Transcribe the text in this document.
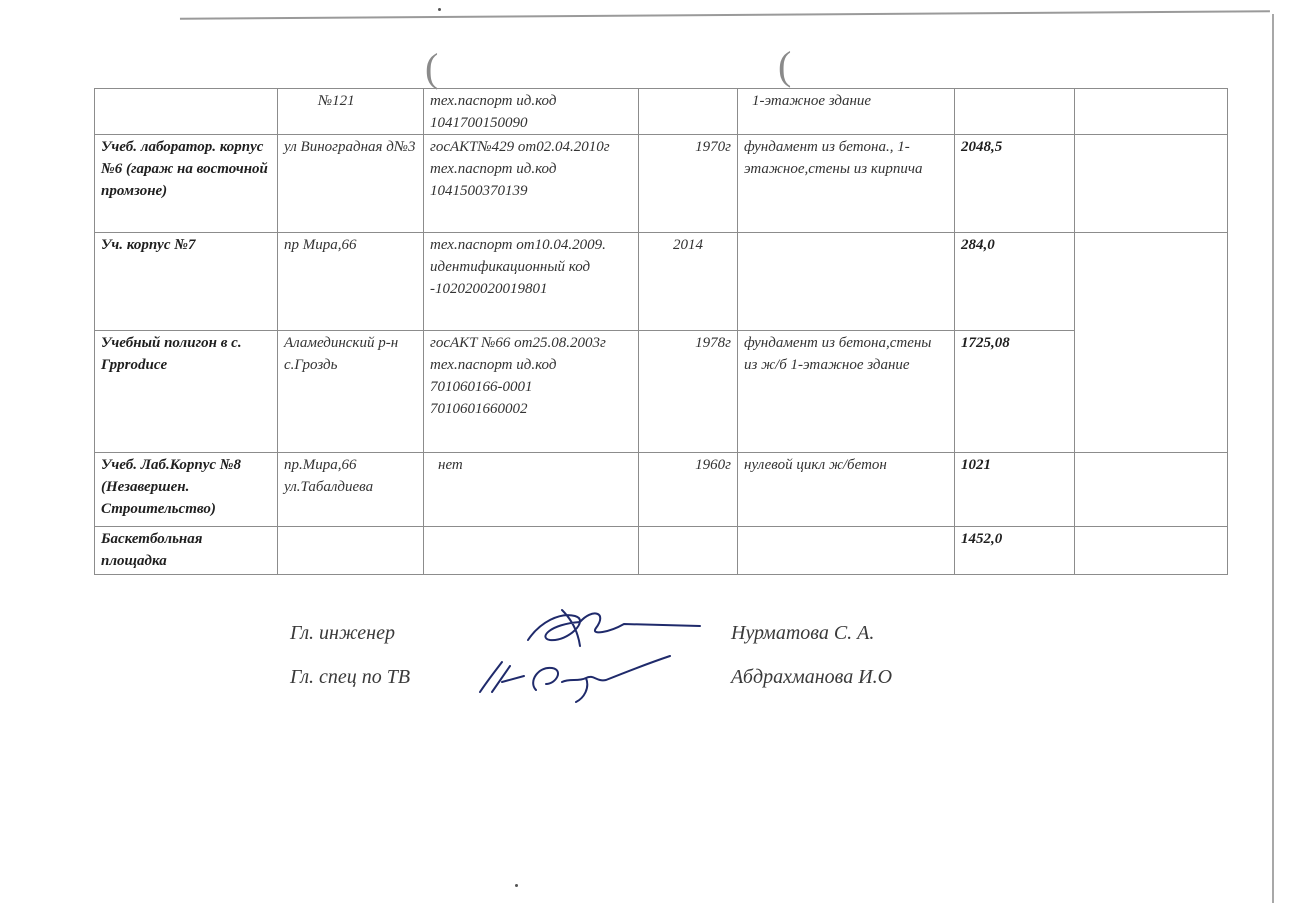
(	(
	№121	тех.паспорт ид.код 1041700150090		1-этажное здание		
Учеб. лаборатор. корпус №6 (гараж на восточной промзоне)	ул Виноградная д№3	госАКТ№429 от02.04.2010г тех.паспорт ид.код 1041500370139	1970г	фундамент из бетона., 1-этажное,стены из кирпича	2048,5	
Уч. корпус №7	пр Мира,66	тех.паспорт от10.04.2009. идентификационный код -102020020019801	2014		284,0	
Учебный полигон в с. Грproduce	Аламединский р-н с.Гроздь	госАКТ №66 от25.08.2003г тех.паспорт ид.код 701060166-0001 7010601660002	1978г	фундамент из бетона,стены из ж/б 1-этажное здание	1725,08	
Учеб. Лаб.Корпус №8 (Незавершен. Строительство)	пр.Мира,66 ул.Табалдиева	нет	1960г	нулевой цикл ж/бетон	1021	
Баскетбольная площадка					1452,0	
Гл. инженер	Нурматова С. А.
Гл. спец по ТВ	Абдрахманова И.О
